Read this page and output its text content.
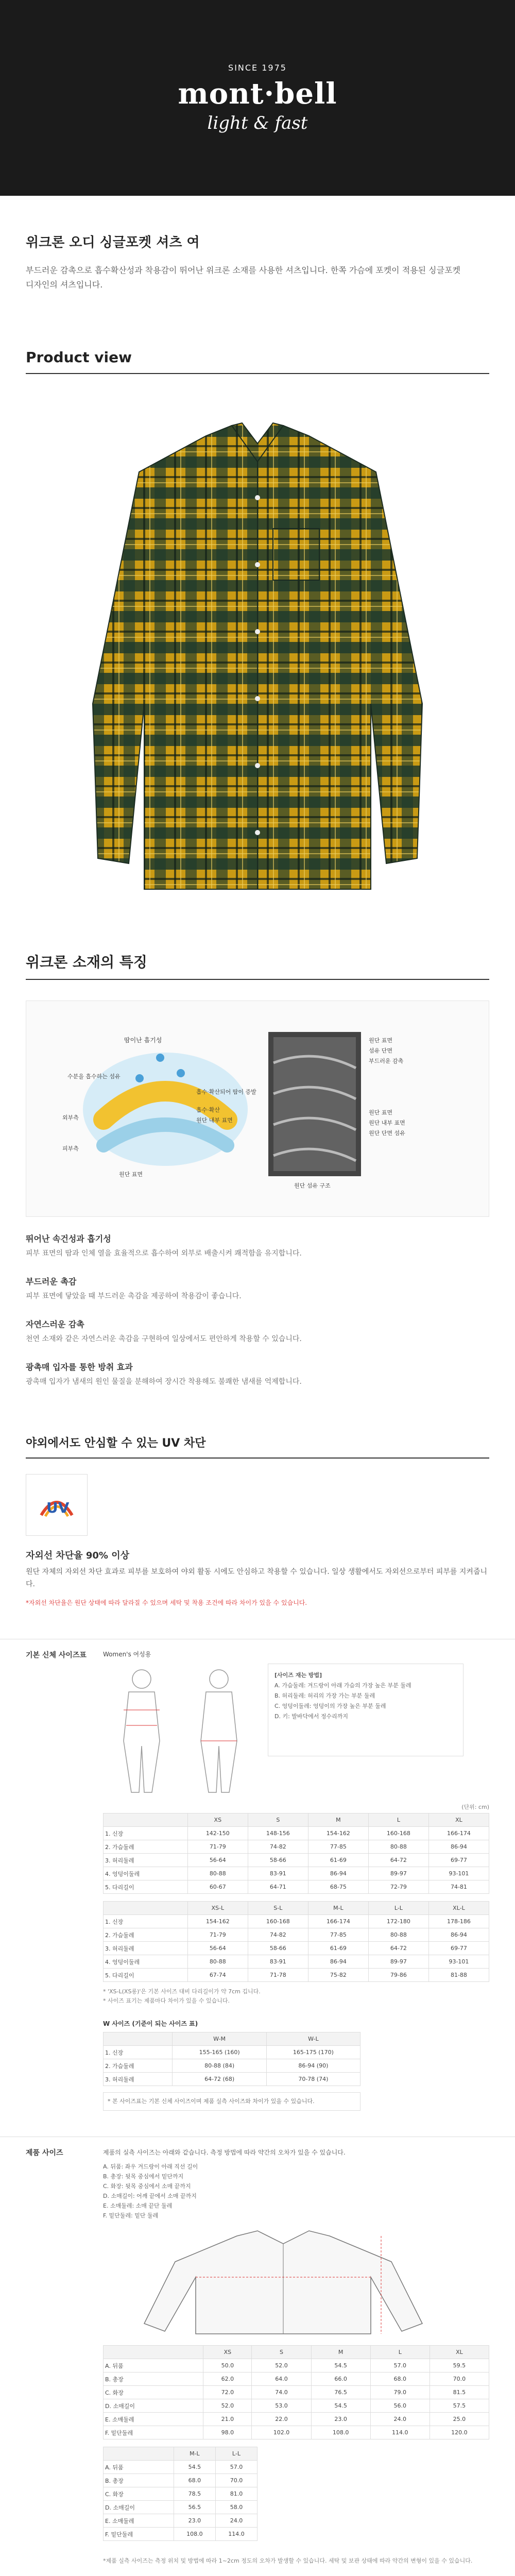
SINCE 1975
mont·bell
light & fast
위크론 오디 싱글포켓 셔츠 여
부드러운 감촉으로 흡수확산성과 착용감이 뛰어난 위크론 소재를 사용한 셔츠입니다. 한쪽 가슴에 포켓이 적용된 싱글포켓 디자인의 셔츠입니다.
Product view
위크론 소재의 특징
땀이난 흡기성
수분을 흡수하는 섬유
흡수·확산되어 땀이 증발
원단 표면
흡수·확산
원단 내부 표면
피부측
외부측
원단 섬유 구조
원단 표면
섬유 단면
부드러운 감촉
원단 표면
원단 내부 표면
원단 단면 섬유
뛰어난 속건성과 흡기성

피부 표면의 땀과 인체 열을 효율적으로 흡수하여 외부로 배출시켜 쾌적함을 유지합니다.

부드러운 촉감

피부 표면에 닿았을 때 부드러운 촉감을 제공하여 착용감이 좋습니다.

자연스러운 감촉

천연 소재와 같은 자연스러운 촉감을 구현하여 일상에서도 편안하게 착용할 수 있습니다.

광촉매 입자를 통한 방취 효과

광촉매 입자가 냄새의 원인 물질을 분해하여 장시간 착용해도 불쾌한 냄새를 억제합니다.

야외에서도 안심할 수 있는 UV 차단
UV
자외선 차단율 90% 이상
원단 자체의 자외선 차단 효과로 피부를 보호하여 야외 활동 시에도 안심하고 착용할 수 있습니다. 일상 생활에서도 자외선으로부터 피부를 지켜줍니다.
*자외선 차단율은 원단 상태에 따라 달라질 수 있으며 세탁 및 착용 조건에 따라 차이가 있을 수 있습니다.
기본 신체 사이즈표	Women's 여성용
[사이즈 재는 방법]
A. 가슴둘레: 겨드랑이 아래 가슴의 가장 높은 부분 둘레
B. 허리둘레: 허리의 가장 가는 부분 둘레
C. 엉덩이둘레: 엉덩이의 가장 높은 부분 둘레
D. 키: 발바닥에서 정수리까지
(단위: cm)
	XS	S	M	L	XL
1. 신장	142-150	148-156	154-162	160-168	166-174
2. 가슴둘레	71-79	74-82	77-85	80-88	86-94
3. 허리둘레	56-64	58-66	61-69	64-72	69-77
4. 엉덩이둘레	80-88	83-91	86-94	89-97	93-101
5. 다리길이	60-67	64-71	68-75	72-79	74-81
	XS-L	S-L	M-L	L-L	XL-L
1. 신장	154-162	160-168	166-174	172-180	178-186
2. 가슴둘레	71-79	74-82	77-85	80-88	86-94
3. 허리둘레	56-64	58-66	61-69	64-72	69-77
4. 엉덩이둘레	80-88	83-91	86-94	89-97	93-101
5. 다리길이	67-74	71-78	75-82	79-86	81-88
* 'XS-L(XS롱)'은 기본 사이즈 대비 다리길이가 약 7cm 깁니다.
* 사이즈 표기는 제품마다 차이가 있을 수 있습니다.
W 사이즈 (기준이 되는 사이즈 표)
	W-M	W-L
1. 신장	155-165 (160)	165-175 (170)
2. 가슴둘레	80-88 (84)	86-94 (90)
3. 허리둘레	64-72 (68)	70-78 (74)
* 본 사이즈표는 기본 신체 사이즈이며 제품 실측 사이즈와 차이가 있을 수 있습니다.
제품 사이즈	제품의 실측 사이즈는 아래와 같습니다. 측정 방법에 따라 약간의 오차가 있을 수 있습니다.
A. 뒤품: 좌우 겨드랑이 아래 직선 길이
B. 총장: 뒷목 중심에서 밑단까지
C. 화장: 뒷목 중심에서 소매 끝까지
D. 소매길이: 어깨 끝에서 소매 끝까지
E. 소매둘레: 소매 끝단 둘레
F. 밑단둘레: 밑단 둘레
	XS	S	M	L	XL
A. 뒤품	50.0	52.0	54.5	57.0	59.5
B. 총장	62.0	64.0	66.0	68.0	70.0
C. 화장	72.0	74.0	76.5	79.0	81.5
D. 소매길이	52.0	53.0	54.5	56.0	57.5
E. 소매둘레	21.0	22.0	23.0	24.0	25.0
F. 밑단둘레	98.0	102.0	108.0	114.0	120.0
	M-L	L-L
A. 뒤품	54.5	57.0
B. 총장	68.0	70.0
C. 화장	78.5	81.0
D. 소매길이	56.5	58.0
E. 소매둘레	23.0	24.0
F. 밑단둘레	108.0	114.0
*제품 실측 사이즈는 측정 위치 및 방법에 따라 1~2cm 정도의 오차가 발생할 수 있습니다. 세탁 및 보관 상태에 따라 약간의 변형이 있을 수 있습니다.
